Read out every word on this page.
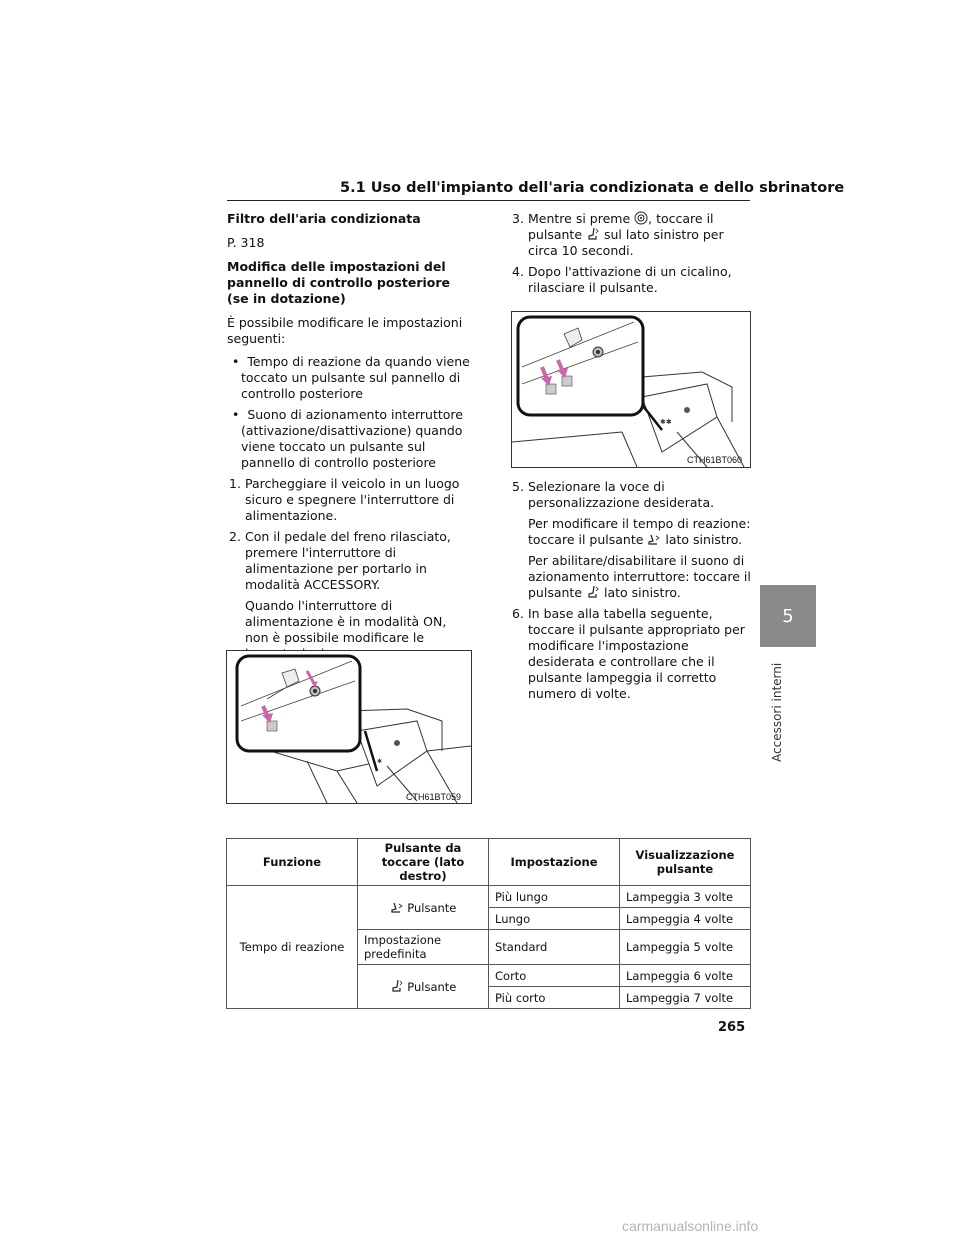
5.1 Uso dell'impianto dell'aria condizionata e dello sbrinatore

Filtro dell'aria condizionata

P. 318

Modifica delle impostazioni del pannello di controllo posteriore (se in dotazione)

È possibile modificare le impostazioni seguenti:

•  Tempo di reazione da quando viene toccato un pulsante sul pannello di controllo posteriore

•  Suono di azionamento interruttore (attivazione/disattivazione) quando viene toccato un pulsante sul pannello di controllo posteriore

1. Parcheggiare il veicolo in un luogo sicuro e spegnere l'interruttore di alimentazione.
2. Con il pedale del freno rilasciato, premere l'interruttore di alimentazione per portarlo in modalità ACCESSORY.

Quando l'interruttore di alimentazione è in modalità ON, non è possibile modificare le

✱
CTH61BT059
3. Mentre si preme , toccare il pulsante sul lato sinistro per circa 10 secondi.
4. Dopo l'attivazione di un cicalino, rilasciare il pulsante.
✱✱
CTH61BT060
5. Selezionare la voce di personalizzazione desiderata.

Per modificare il tempo di reazione: toccare il pulsante lato sinistro.

Per abilitare/disabilitare il suono di azionamento interruttore: toccare il pulsante lato sinistro.

6. In base alla tabella seguente, toccare il pulsante appropriato per modificare l'impostazione desiderata e controllare che il pulsante lampeggia il corretto numero di volte.
Funzione	Pulsante da toccare (lato destro)	Impostazione	Visualizzazione pulsante
Tempo di reazione	Pulsante	Più lungo	Lampeggia 3 volte
		Lungo	Lampeggia 4 volte
	Impostazione predefinita	Standard	Lampeggia 5 volte
	Pulsante	Corto	Lampeggia 6 volte
		Più corto	Lampeggia 7 volte
5
Accessori interni
265
carmanualsonline.info
